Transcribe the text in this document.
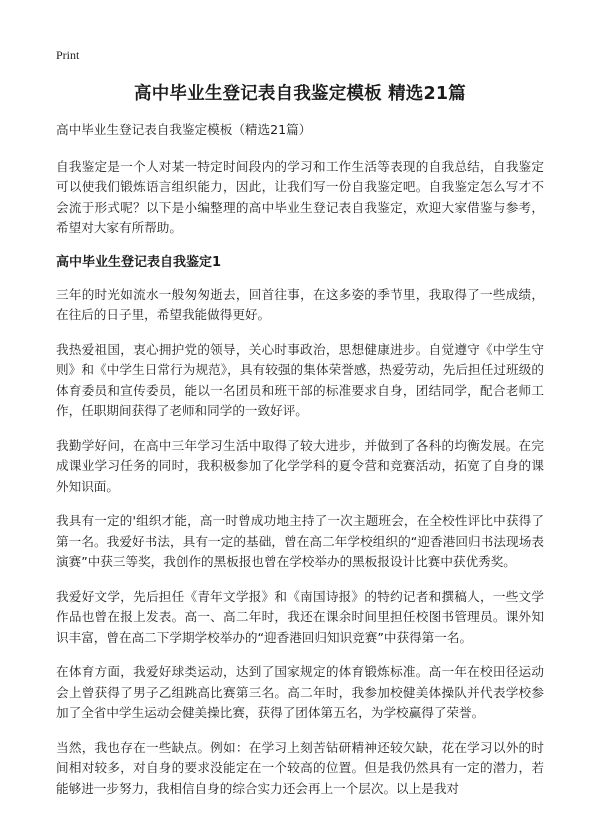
Print
高中毕业生登记表自我鉴定模板 精选21篇

高中毕业生登记表自我鉴定模板（精选21篇）

自我鉴定是一个人对某一特定时间段内的学习和工作生活等表现的自我总结，自我鉴定可以使我们锻炼语言组织能力，因此，让我们写一份自我鉴定吧。自我鉴定怎么写才不会流于形式呢？以下是小编整理的高中毕业生登记表自我鉴定，欢迎大家借鉴与参考，希望对大家有所帮助。

高中毕业生登记表自我鉴定1

三年的时光如流水一般匆匆逝去，回首往事，在这多姿的季节里，我取得了一些成绩，在往后的日子里，希望我能做得更好。

我热爱祖国，衷心拥护党的领导，关心时事政治，思想健康进步。自觉遵守《中学生守则》和《中学生日常行为规范》，具有较强的集体荣誉感，热爱劳动，先后担任过班级的体育委员和宣传委员，能以一名团员和班干部的标准要求自身，团结同学，配合老师工作，任职期间获得了老师和同学的一致好评。

我勤学好问，在高中三年学习生活中取得了较大进步，并做到了各科的均衡发展。在完成课业学习任务的同时，我积极参加了化学学科的夏令营和竞赛活动，拓宽了自身的课外知识面。

我具有一定的'组织才能，高一时曾成功地主持了一次主题班会，在全校性评比中获得了第一名。我爱好书法，具有一定的基础，曾在高二年学校组织的“迎香港回归书法现场表演赛”中获三等奖，我创作的黑板报也曾在学校举办的黑板报设计比赛中获优秀奖。

我爱好文学，先后担任《青年文学报》和《南国诗报》的特约记者和撰稿人，一些文学作品也曾在报上发表。高一、高二年时，我还在课余时间里担任校图书管理员。课外知识丰富，曾在高二下学期学校举办的“迎香港回归知识竞赛”中获得第一名。

在体育方面，我爱好球类运动，达到了国家规定的体育锻炼标准。高一年在校田径运动会上曾获得了男子乙组跳高比赛第三名。高二年时，我参加校健美体操队并代表学校参加了全省中学生运动会健美操比赛，获得了团体第五名，为学校赢得了荣誉。

当然，我也存在一些缺点。例如：在学习上刻苦钻研精神还较欠缺，花在学习以外的时间相对较多，对自身的要求没能定在一个较高的位置。但是我仍然具有一定的潜力，若能够进一步努力，我相信自身的综合实力还会再上一个层次。以上是我对
